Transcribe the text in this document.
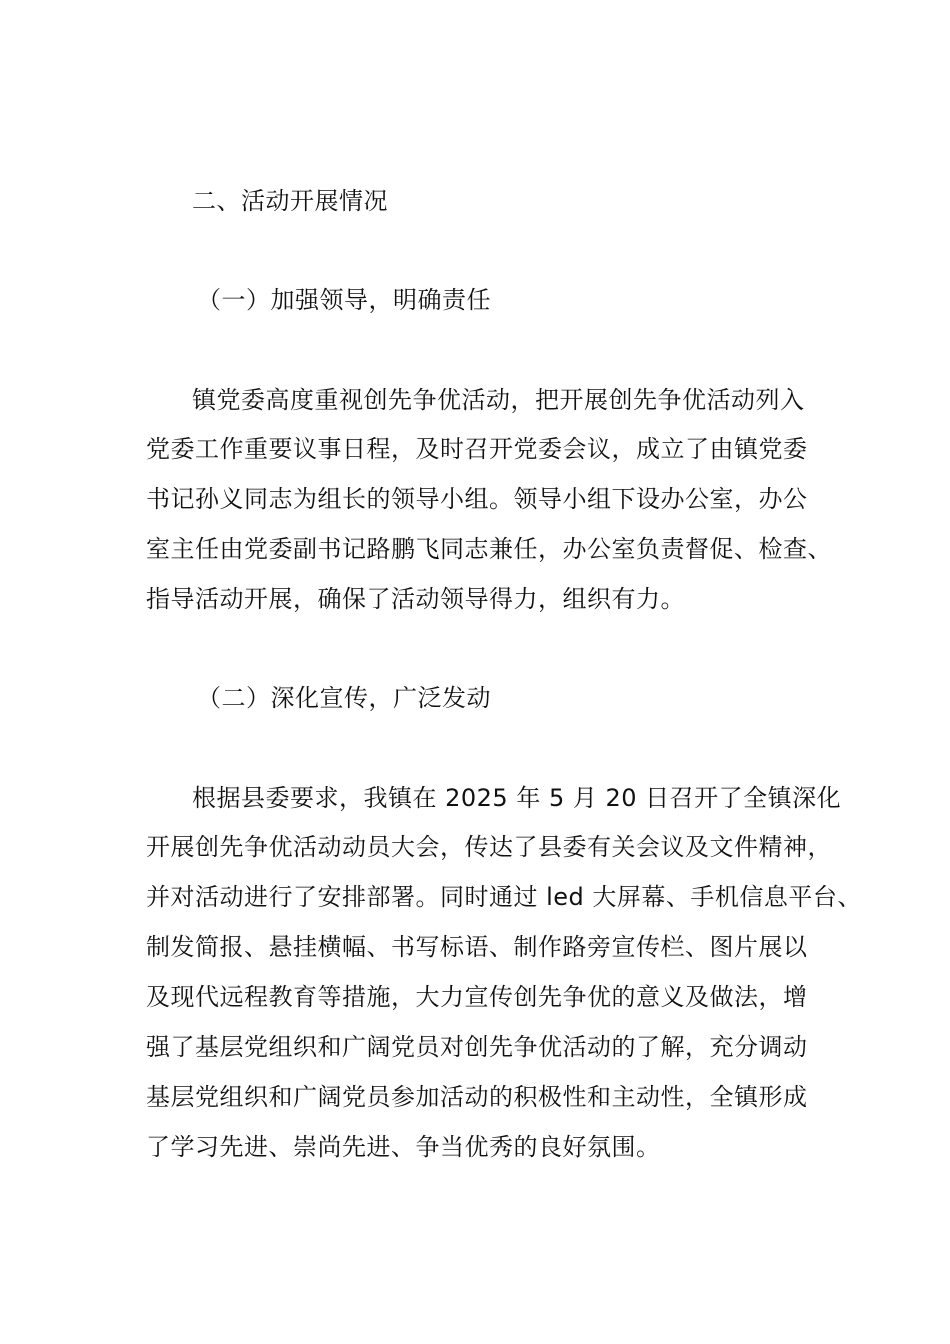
二、活动开展情况
（一）加强领导，明确责任
镇党委高度重视创先争优活动，把开展创先争优活动列入
党委工作重要议事日程，及时召开党委会议，成立了由镇党委
书记孙义同志为组长的领导小组。领导小组下设办公室，办公
室主任由党委副书记路鹏飞同志兼任，办公室负责督促、检查、
指导活动开展，确保了活动领导得力，组织有力。
（二）深化宣传，广泛发动
根据县委要求，我镇在 2025 年 5 月 20 日召开了全镇深化
开展创先争优活动动员大会，传达了县委有关会议及文件精神，
并对活动进行了安排部署。同时通过 led 大屏幕、手机信息平台、
制发简报、悬挂横幅、书写标语、制作路旁宣传栏、图片展以
及现代远程教育等措施，大力宣传创先争优的意义及做法，增
强了基层党组织和广阔党员对创先争优活动的了解，充分调动
基层党组织和广阔党员参加活动的积极性和主动性，全镇形成
了学习先进、崇尚先进、争当优秀的良好氛围。
